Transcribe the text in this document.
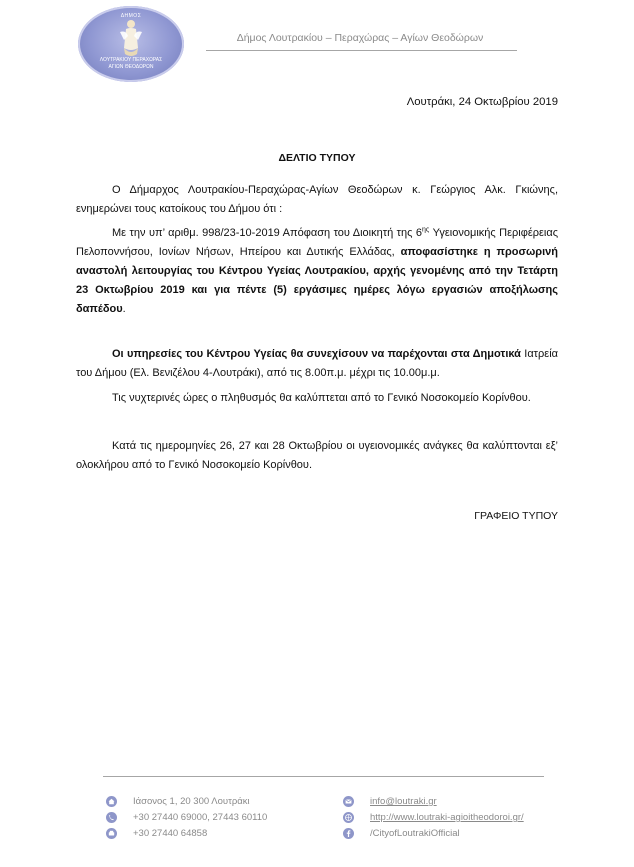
ΔΗΜΟΣ
ΛΟΥΤΡΑΚΙΟΥ ΠΕΡΑΧΩΡΑΣ
ΑΓΙΩΝ ΘΕΟΔΩΡΩΝ
Δήμος Λουτρακίου – Περαχώρας – Αγίων Θεοδώρων
Λουτράκι, 24 Οκτωβρίου 2019
ΔΕΛΤΙΟ ΤΥΠΟΥ

Ο Δήμαρχος Λουτρακίου-Περαχώρας-Αγίων Θεοδώρων κ. Γεώργιος Αλκ. Γκιώνης, ενημερώνει τους κατοίκους του Δήμου ότι :

Με την υπ’ αριθμ. 998/23-10-2019 Απόφαση του Διοικητή της $6^{\eta\varsigma}$ Υγειονομικής Περιφέρειας Πελοποννήσου, Ιονίων Νήσων, Ηπείρου και Δυτικής Ελλάδας, αποφασίστηκε η προσωρινή αναστολή λειτουργίας του Κέντρου Υγείας Λουτρακίου, αρχής γενομένης από την Τετάρτη 23 Οκτωβρίου 2019 και για πέντε (5) εργάσιμες ημέρες λόγω εργασιών αποξήλωσης δαπέδου.

Οι υπηρεσίες του Κέντρου Υγείας θα συνεχίσουν να παρέχονται στα Δημοτικά Ιατρεία του Δήμου (Ελ. Βενιζέλου 4-Λουτράκι), από τις 8.00π.μ. μέχρι τις 10.00μ.μ.

Τις νυχτερινές ώρες ο πληθυσμός θα καλύπτεται από το Γενικό Νοσοκομείο Κορίνθου.

Κατά τις ημερομηνίες 26, 27 και 28 Οκτωβρίου οι υγειονομικές ανάγκες θα καλύπτονται εξ’ ολοκλήρου από το Γενικό Νοσοκομείο Κορίνθου.

ΓΡΑΦΕΙΟ ΤΥΠΟΥ
Ιάσονος 1, 20 300 Λουτράκι
+30 27440 69000, 27443 60110
+30 27440 64858
info@loutraki.gr
http://www.loutraki-agioitheodoroi.gr/
/CityofLoutrakiOfficial
